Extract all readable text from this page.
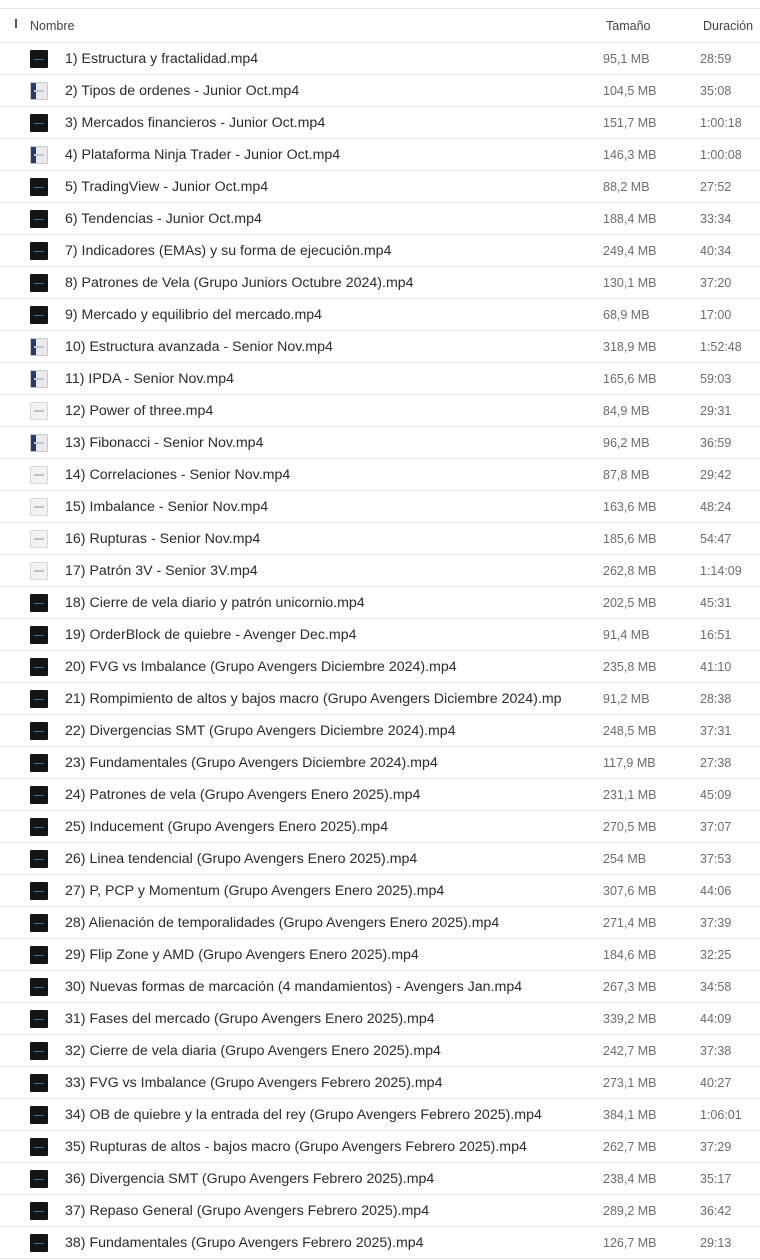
Nombre	Tamaño	Duración
1) Estructura y fractalidad.mp4	95,1 MB	28:59
2) Tipos de ordenes - Junior Oct.mp4	104,5 MB	35:08
3) Mercados financieros - Junior Oct.mp4	151,7 MB	1:00:18
4) Plataforma Ninja Trader - Junior Oct.mp4	146,3 MB	1:00:08
5) TradingView - Junior Oct.mp4	88,2 MB	27:52
6) Tendencias - Junior Oct.mp4	188,4 MB	33:34
7) Indicadores (EMAs) y su forma de ejecución.mp4	249,4 MB	40:34
8) Patrones de Vela (Grupo Juniors Octubre 2024).mp4	130,1 MB	37:20
9) Mercado y equilibrio del mercado.mp4	68,9 MB	17:00
10) Estructura avanzada - Senior Nov.mp4	318,9 MB	1:52:48
11) IPDA - Senior Nov.mp4	165,6 MB	59:03
12) Power of three.mp4	84,9 MB	29:31
13) Fibonacci - Senior Nov.mp4	96,2 MB	36:59
14) Correlaciones - Senior Nov.mp4	87,8 MB	29:42
15) Imbalance - Senior Nov.mp4	163,6 MB	48:24
16) Rupturas - Senior Nov.mp4	185,6 MB	54:47
17) Patrón 3V - Senior 3V.mp4	262,8 MB	1:14:09
18) Cierre de vela diario y patrón unicornio.mp4	202,5 MB	45:31
19) OrderBlock de quiebre - Avenger Dec.mp4	91,4 MB	16:51
20) FVG vs Imbalance (Grupo Avengers Diciembre 2024).mp4	235,8 MB	41:10
21) Rompimiento de altos y bajos macro (Grupo Avengers Diciembre 2024).mp	91,2 MB	28:38
22) Divergencias SMT (Grupo Avengers Diciembre 2024).mp4	248,5 MB	37:31
23) Fundamentales (Grupo Avengers Diciembre 2024).mp4	117,9 MB	27:38
24) Patrones de vela (Grupo Avengers Enero 2025).mp4	231,1 MB	45:09
25) Inducement (Grupo Avengers Enero 2025).mp4	270,5 MB	37:07
26) Linea tendencial (Grupo Avengers Enero 2025).mp4	254 MB	37:53
27) P, PCP y Momentum (Grupo Avengers Enero 2025).mp4	307,6 MB	44:06
28) Alienación de temporalidades (Grupo Avengers Enero 2025).mp4	271,4 MB	37:39
29) Flip Zone y AMD (Grupo Avengers Enero 2025).mp4	184,6 MB	32:25
30) Nuevas formas de marcación (4 mandamientos) - Avengers Jan.mp4	267,3 MB	34:58
31) Fases del mercado (Grupo Avengers Enero 2025).mp4	339,2 MB	44:09
32) Cierre de vela diaria (Grupo Avengers Enero 2025).mp4	242,7 MB	37:38
33) FVG vs Imbalance (Grupo Avengers Febrero 2025).mp4	273,1 MB	40:27
34) OB de quiebre y la entrada del rey (Grupo Avengers Febrero 2025).mp4	384,1 MB	1:06:01
35) Rupturas de altos - bajos macro (Grupo Avengers Febrero 2025).mp4	262,7 MB	37:29
36) Divergencia SMT (Grupo Avengers Febrero 2025).mp4	238,4 MB	35:17
37) Repaso General (Grupo Avengers Febrero 2025).mp4	289,2 MB	36:42
38) Fundamentales (Grupo Avengers Febrero 2025).mp4	126,7 MB	29:13
